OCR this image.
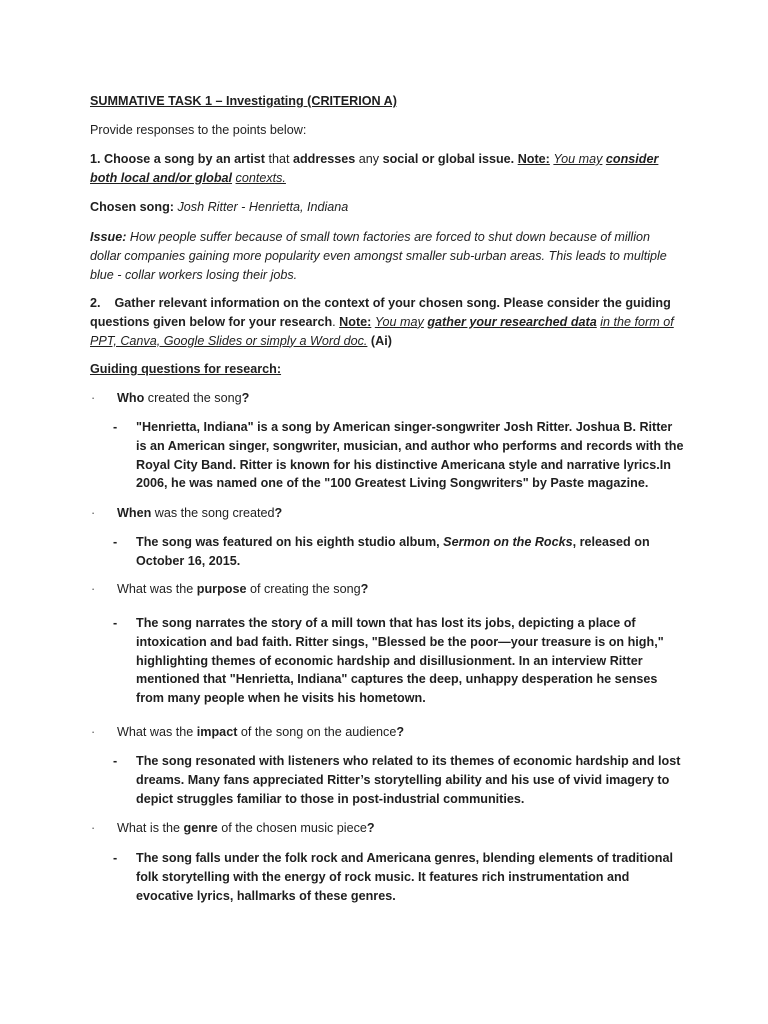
SUMMATIVE TASK 1 – Investigating (CRITERION A)

Provide responses to the points below:

1. Choose a song by an artist that addresses any social or global issue. Note: You may consider both local and/or global contexts.

Chosen song: Josh Ritter - Henrietta, Indiana

Issue: How people suffer because of small town factories are forced to shut down because of million dollar companies gaining more popularity even amongst smaller sub-urban areas. This leads to multiple blue - collar workers losing their jobs.

2.    Gather relevant information on the context of your chosen song. Please consider the guiding questions given below for your research. Note: You may gather your researched data in the form of PPT, Canva, Google Slides or simply a Word doc. (Ai)

Guiding questions for research:

· Who created the song?
- "Henrietta, Indiana" is a song by American singer-songwriter Josh Ritter. Joshua B. Ritter is an American singer, songwriter, musician, and author who performs and records with the Royal City Band. Ritter is known for his distinctive Americana style and narrative lyrics.In 2006, he was named one of the "100 Greatest Living Songwriters" by Paste magazine.

· When was the song created?
- The song was featured on his eighth studio album, Sermon on the Rocks, released on October 16, 2015.

· What was the purpose of creating the song?
- The song narrates the story of a mill town that has lost its jobs, depicting a place of intoxication and bad faith. Ritter sings, "Blessed be the poor—your treasure is on high," highlighting themes of economic hardship and disillusionment. In an interview Ritter mentioned that "Henrietta, Indiana" captures the deep, unhappy desperation he senses from many people when he visits his hometown.

· What was the impact of the song on the audience?
- The song resonated with listeners who related to its themes of economic hardship and lost dreams. Many fans appreciated Ritter’s storytelling ability and his use of vivid imagery to depict struggles familiar to those in post-industrial communities.

· What is the genre of the chosen music piece?
- The song falls under the folk rock and Americana genres, blending elements of traditional folk storytelling with the energy of rock music. It features rich instrumentation and evocative lyrics, hallmarks of these genres.
